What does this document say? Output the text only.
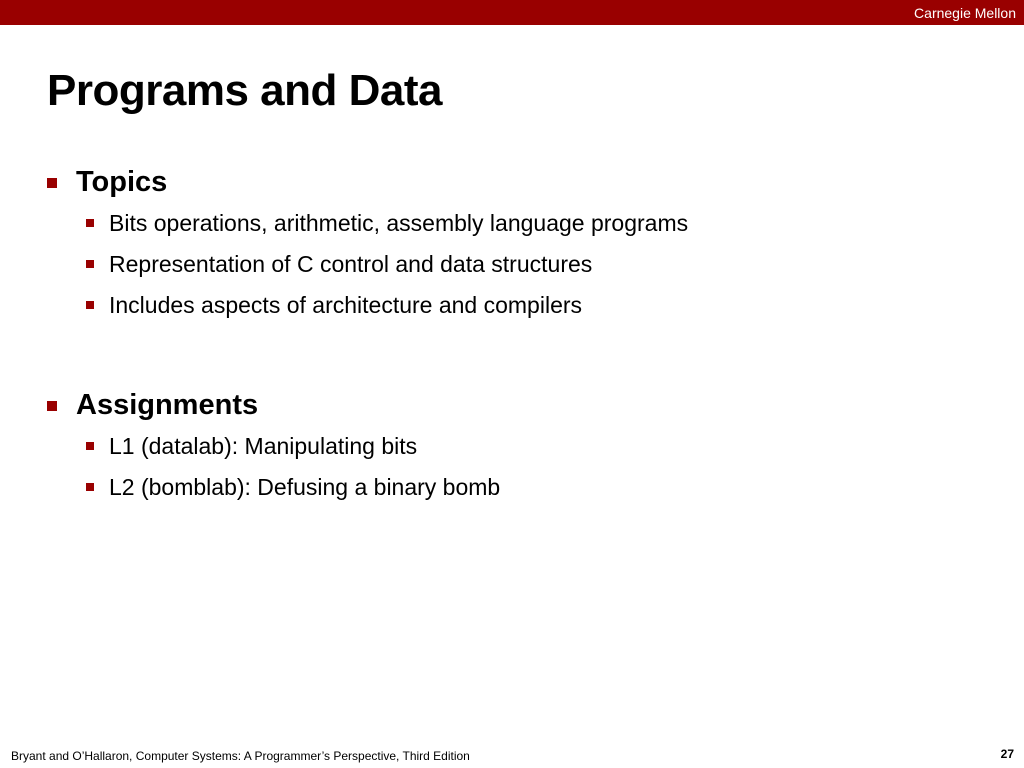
Carnegie Mellon
Programs and Data
Topics
Bits operations, arithmetic, assembly language programs
Representation of C control and data structures
Includes aspects of architecture and compilers
Assignments
L1 (datalab): Manipulating bits
L2 (bomblab): Defusing a binary bomb
Bryant and O’Hallaron, Computer Systems: A Programmer’s Perspective, Third Edition	27
